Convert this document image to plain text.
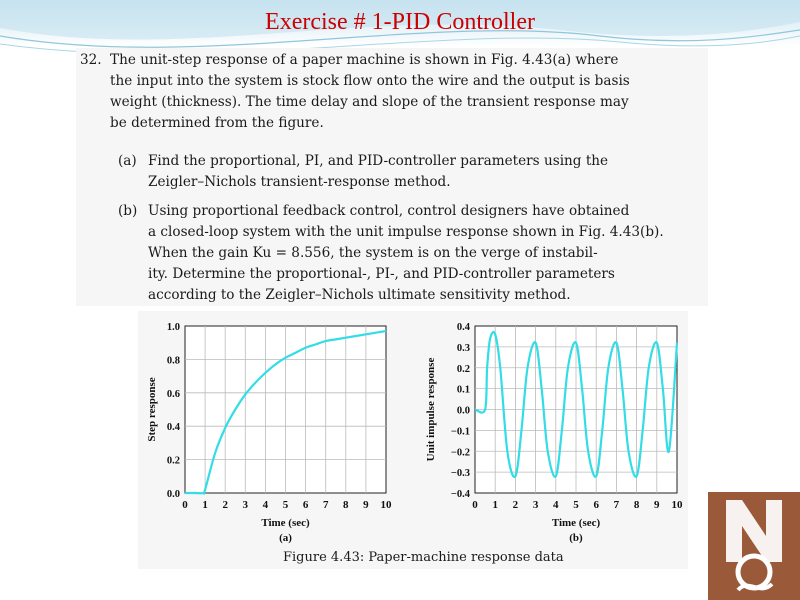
Exercise # 1-PID Controller
32. The unit-step response of a paper machine is shown in Fig. 4.43(a) where
the input into the system is stock flow onto the wire and the output is basis
weight (thickness). The time delay and slope of the transient response may
be determined from the figure.
(a) Find the proportional, PI, and PID-controller parameters using the
Zeigler–Nichols transient-response method.
(b) Using proportional feedback control, control designers have obtained
a closed-loop system with the unit impulse response shown in Fig. 4.43(b).
When the gain Ku = 8.556, the system is on the verge of instabil-
ity. Determine the proportional-, PI-, and PID-controller parameters
according to the Zeigler–Nichols ultimate sensitivity method.
0 1 2 3 4 5 6 7 8 9 10
0.0
0.2
0.4
0.6
0.8
1.0
Time (sec)
(a)
Step response
0 1 2 3 4 5 6 7 8 9 10
0.4
0.3
0.2
0.1
0.0
−0.1
−0.2
−0.3
−0.4
Time (sec)
(b)
Unit impulse response
Figure 4.43: Paper-machine response data
